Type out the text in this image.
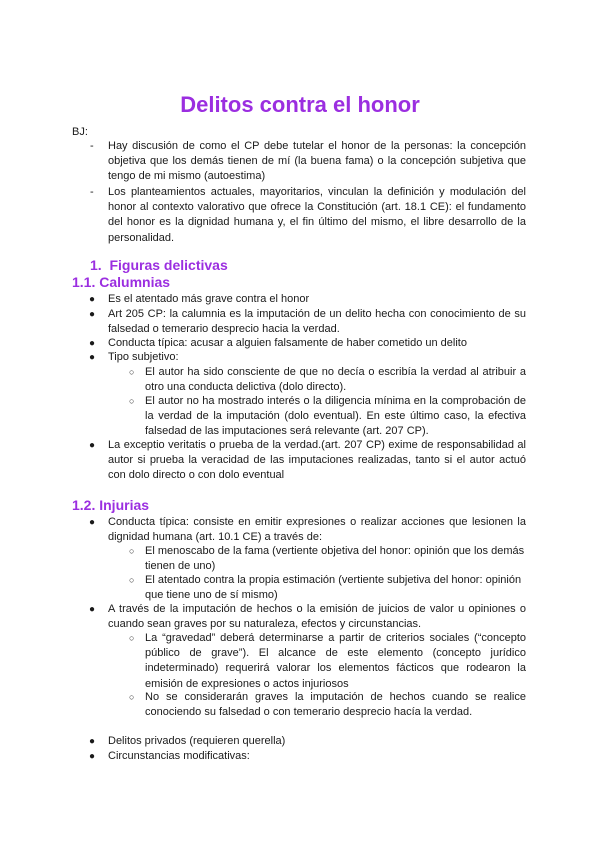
Delitos contra el honor

BJ:

- Hay discusión de como el CP debe tutelar el honor de la personas: la concepción objetiva que los demás tienen de mí (la buena fama) o la concepción subjetiva que tengo de mi mismo (autoestima)

- Los planteamientos actuales, mayoritarios, vinculan la definición y modulación del honor al contexto valorativo que ofrece la Constitución (art. 18.1 CE): el fundamento del honor es la dignidad humana y, el fin último del mismo, el libre desarrollo de la personalidad.

1. Figuras delictivas
1.1. Calumnias
● Es el atentado más grave contra el honor

● Art 205 CP: la calumnia es la imputación de un delito hecha con conocimiento de su falsedad o temerario desprecio hacia la verdad.

● Conducta típica: acusar a alguien falsamente de haber cometido un delito

● Tipo subjetivo:

○ El autor ha sido consciente de que no decía o escribía la verdad al atribuir a otro una conducta delictiva (dolo directo).

○ El autor no ha mostrado interés o la diligencia mínima en la comprobación de la verdad de la imputación (dolo eventual). En este último caso, la efectiva falsedad de las imputaciones será relevante (art. 207 CP).

● La exceptio veritatis o prueba de la verdad.(art. 207 CP) exime de responsabilidad al autor si prueba la veracidad de las imputaciones realizadas, tanto si el autor actuó con dolo directo o con dolo eventual

1.2. Injurias
● Conducta típica: consiste en emitir expresiones o realizar acciones que lesionen la dignidad humana (art. 10.1 CE) a través de:

○ El menoscabo de la fama (vertiente objetiva del honor: opinión que los demás tienen de uno)

○ El atentado contra la propia estimación (vertiente subjetiva del honor: opinión que tiene uno de sí mismo)

● A través de la imputación de hechos o la emisión de juicios de valor u opiniones o cuando sean graves por su naturaleza, efectos y circunstancias.

○ La “gravedad” deberá determinarse a partir de criterios sociales (“concepto público de grave”). El alcance de este elemento (concepto jurídico indeterminado) requerirá valorar los elementos fácticos que rodearon la emisión de expresiones o actos injuriosos

○ No se considerarán graves la imputación de hechos cuando se realice conociendo su falsedad o con temerario desprecio hacía la verdad.

● Delitos privados (requieren querella)

● Circunstancias modificativas:
